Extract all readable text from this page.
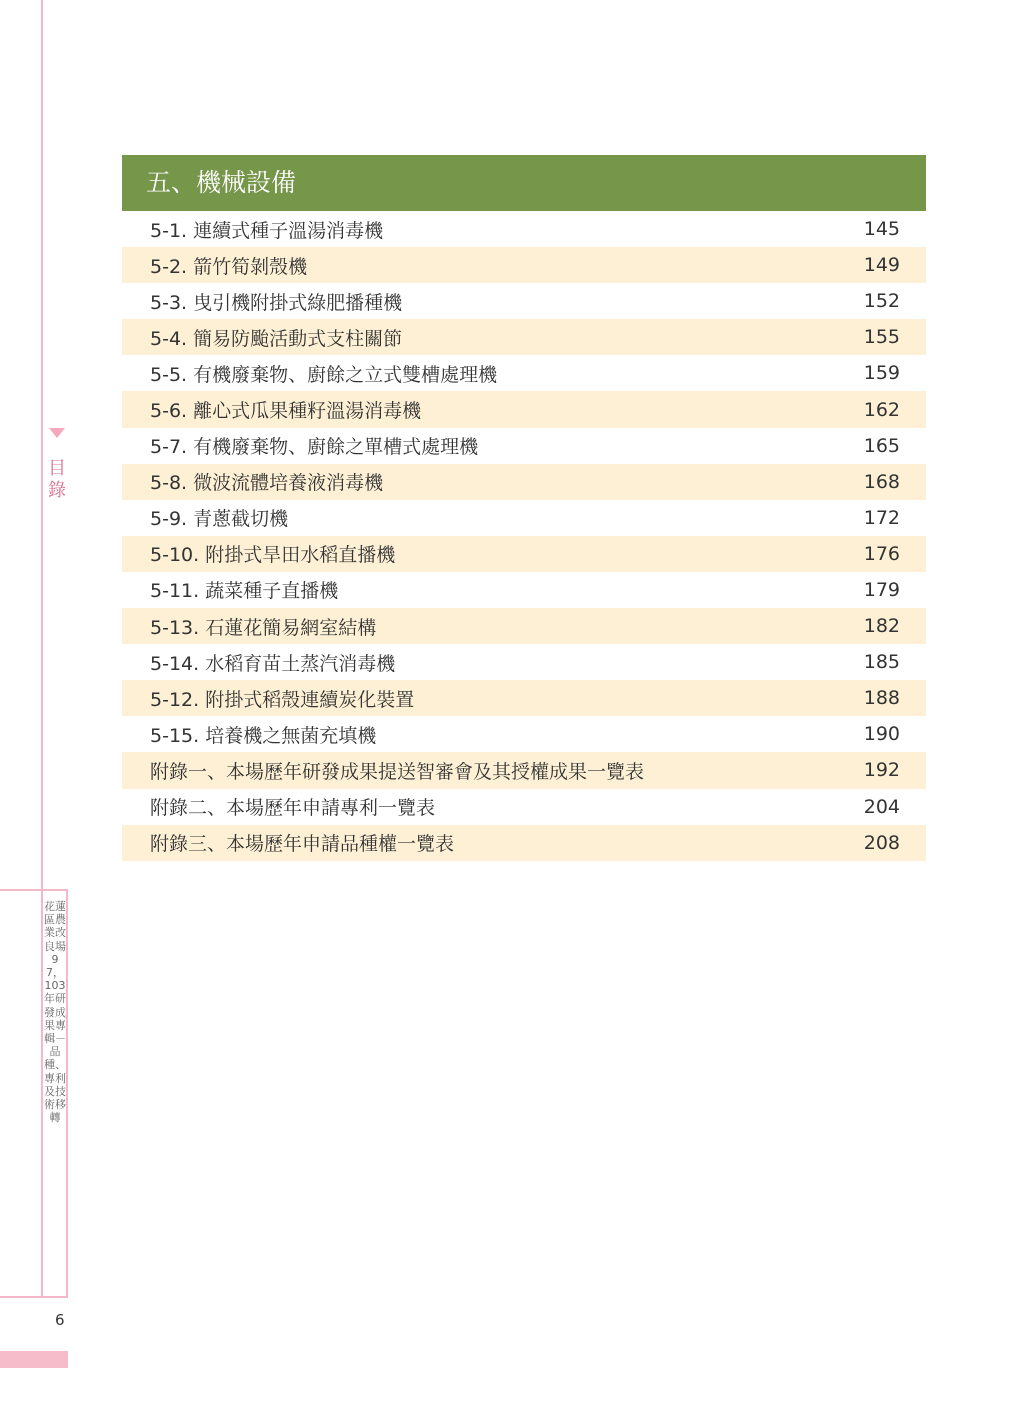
目錄
花蓮區農業改良場97，103年研發成果專輯－品種、專利及技術移轉
6
五、機械設備
5-1. 連續式種子溫湯消毒機	145
5-2. 箭竹筍剝殼機	149
5-3. 曳引機附掛式綠肥播種機	152
5-4. 簡易防颱活動式支柱關節	155
5-5. 有機廢棄物、廚餘之立式雙槽處理機	159
5-6. 離心式瓜果種籽溫湯消毒機	162
5-7. 有機廢棄物、廚餘之單槽式處理機	165
5-8. 微波流體培養液消毒機	168
5-9. 青蔥截切機	172
5-10. 附掛式旱田水稻直播機	176
5-11. 蔬菜種子直播機	179
5-13. 石蓮花簡易網室結構	182
5-14. 水稻育苗土蒸汽消毒機	185
5-12. 附掛式稻殼連續炭化裝置	188
5-15. 培養機之無菌充填機	190
附錄一、本場歷年研發成果提送智審會及其授權成果一覽表	192
附錄二、本場歷年申請專利一覽表	204
附錄三、本場歷年申請品種權一覽表	208
